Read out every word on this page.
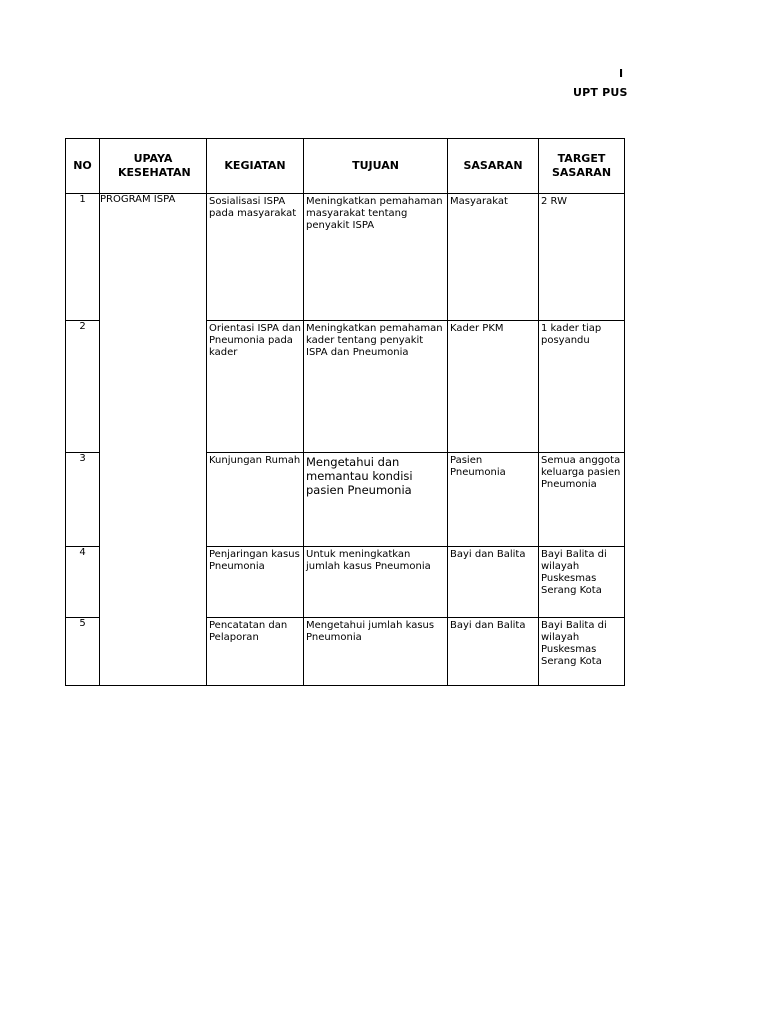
I
UPT PUS
NO	UPAYA KESEHATAN	KEGIATAN	TUJUAN	SASARAN	TARGET SASARAN
1	PROGRAM ISPA	Sosialisasi ISPA pada masyarakat	Meningkatkan pemahaman masyarakat tentang penyakit ISPA	Masyarakat	2 RW

2		Orientasi ISPA dan Pneumonia pada kader	Meningkatkan pemahaman kader tentang penyakit ISPA dan Pneumonia	Kader PKM	1 kader tiap posyandu

3		Kunjungan Rumah	Mengetahui dan memantau kondisi pasien Pneumonia	Pasien Pneumonia	Semua anggota keluarga pasien Pneumonia

4		Penjaringan kasus Pneumonia	Untuk meningkatkan jumlah kasus Pneumonia	Bayi dan Balita	Bayi Balita di wilayah Puskesmas Serang Kota

5		Pencatatan dan Pelaporan	Mengetahui jumlah kasus Pneumonia	Bayi dan Balita	Bayi Balita di wilayah Puskesmas Serang Kota
